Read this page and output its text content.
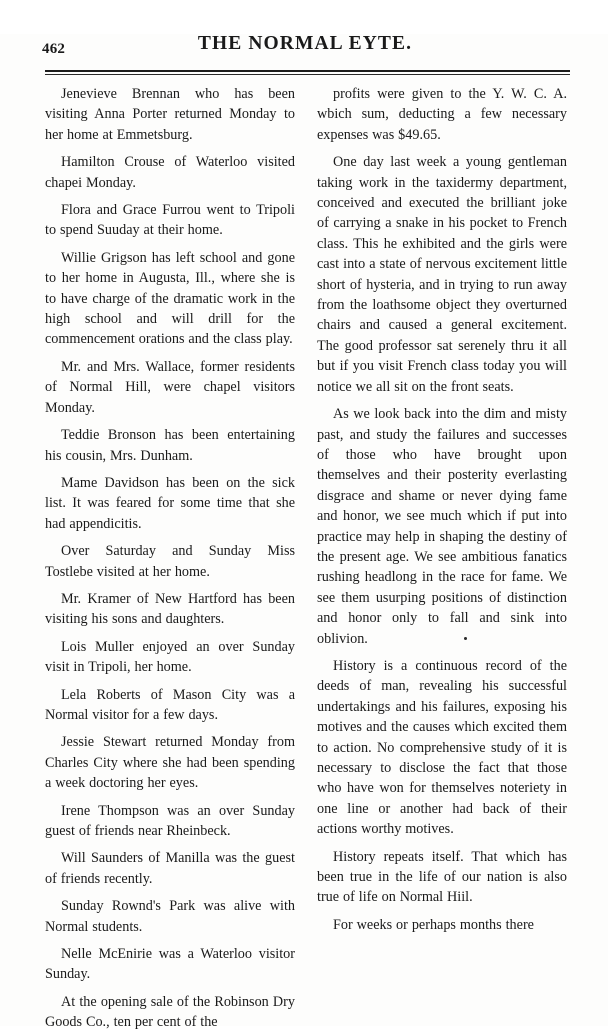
462	THE NORMAL EYTE.

Jenevieve Brennan who has been visiting Anna Porter returned Monday to her home at Emmetsburg.

Hamilton Crouse of Waterloo visited chapei Monday.

Flora and Grace Furrou went to Tripoli to spend Suuday at their home.

Willie Grigson has left school and gone to her home in Augusta, Ill., where she is to have charge of the dramatic work in the high school and will drill for the commencement orations and the class play.

Mr. and Mrs. Wallace, former residents of Normal Hill, were chapel visitors Monday.

Teddie Bronson has been entertaining his cousin, Mrs. Dunham.

Mame Davidson has been on the sick list. It was feared for some time that she had appendicitis.

Over Saturday and Sunday Miss Tostlebe visited at her home.

Mr. Kramer of New Hartford has been visiting his sons and daughters.

Lois Muller enjoyed an over Sunday visit in Tripoli, her home.

Lela Roberts of Mason City was a Normal visitor for a few days.

Jessie Stewart returned Monday from Charles City where she had been spending a week doctoring her eyes.

Irene Thompson was an over Sunday guest of friends near Rheinbeck.

Will Saunders of Manilla was the guest of friends recently.

Sunday Rownd's Park was alive with Normal students.

Nelle McEnirie was a Waterloo visitor Sunday.

At the opening sale of the Robinson Dry Goods Co., ten per cent of the

profits were given to the Y. W. C. A. wbich sum, deducting a few necessary expenses was $49.65.

One day last week a young gentleman taking work in the taxidermy department, conceived and executed the brilliant joke of carrying a snake in his pocket to French class. This he exhibited and the girls were cast into a state of nervous excitement little short of hysteria, and in trying to run away from the loathsome object they overturned chairs and caused a general excitement. The good professor sat serenely thru it all but if you visit French class today you will notice we all sit on the front seats.

As we look back into the dim and misty past, and study the failures and successes of those who have brought upon themselves and their posterity everlasting disgrace and shame or never dying fame and honor, we see much which if put into practice may help in shaping the destiny of the present age. We see ambitious fanatics rushing headlong in the race for fame. We see them usurping positions of distinction and honor only to fall and sink into oblivion.

History is a continuous record of the deeds of man, revealing his successful undertakings and his failures, exposing his motives and the causes which excited them to action. No comprehensive study of it is necessary to disclose the fact that those who have won for themselves noteriety in one line or another had back of their actions worthy motives.

History repeats itself. That which has been true in the life of our nation is also true of life on Normal Hiil.

For weeks or perhaps months there
